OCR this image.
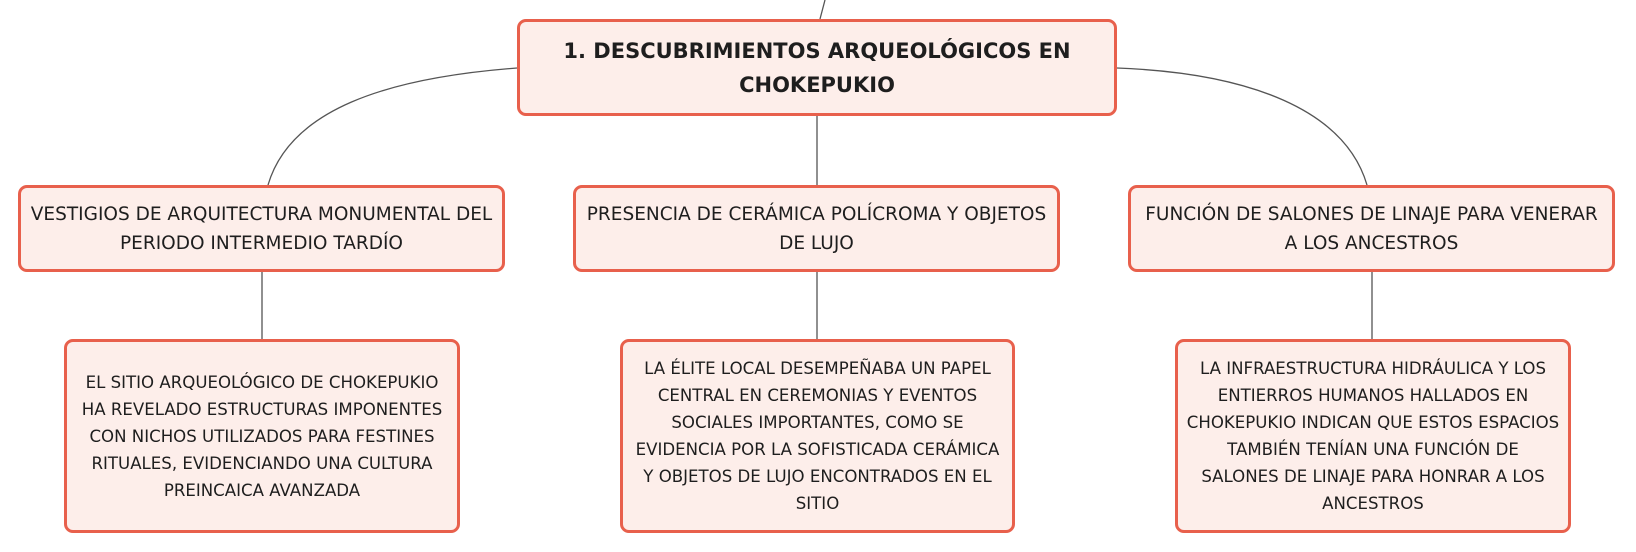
1. DESCUBRIMIENTOS ARQUEOLÓGICOS EN CHOKEPUKIO
VESTIGIOS DE ARQUITECTURA MONUMENTAL DEL PERIODO INTERMEDIO TARDÍO
PRESENCIA DE CERÁMICA POLÍCROMA Y OBJETOS DE LUJO
FUNCIÓN DE SALONES DE LINAJE PARA VENERAR A LOS ANCESTROS
EL SITIO ARQUEOLÓGICO DE CHOKEPUKIO HA REVELADO ESTRUCTURAS IMPONENTES CON NICHOS UTILIZADOS PARA FESTINES RITUALES, EVIDENCIANDO UNA CULTURA PREINCAICA AVANZADA
LA ÉLITE LOCAL DESEMPEÑABA UN PAPEL CENTRAL EN CEREMONIAS Y EVENTOS SOCIALES IMPORTANTES, COMO SE EVIDENCIA POR LA SOFISTICADA CERÁMICA Y OBJETOS DE LUJO ENCONTRADOS EN EL SITIO
LA INFRAESTRUCTURA HIDRÁULICA Y LOS ENTIERROS HUMANOS HALLADOS EN CHOKEPUKIO INDICAN QUE ESTOS ESPACIOS TAMBIÉN TENÍAN UNA FUNCIÓN DE SALONES DE LINAJE PARA HONRAR A LOS ANCESTROS
